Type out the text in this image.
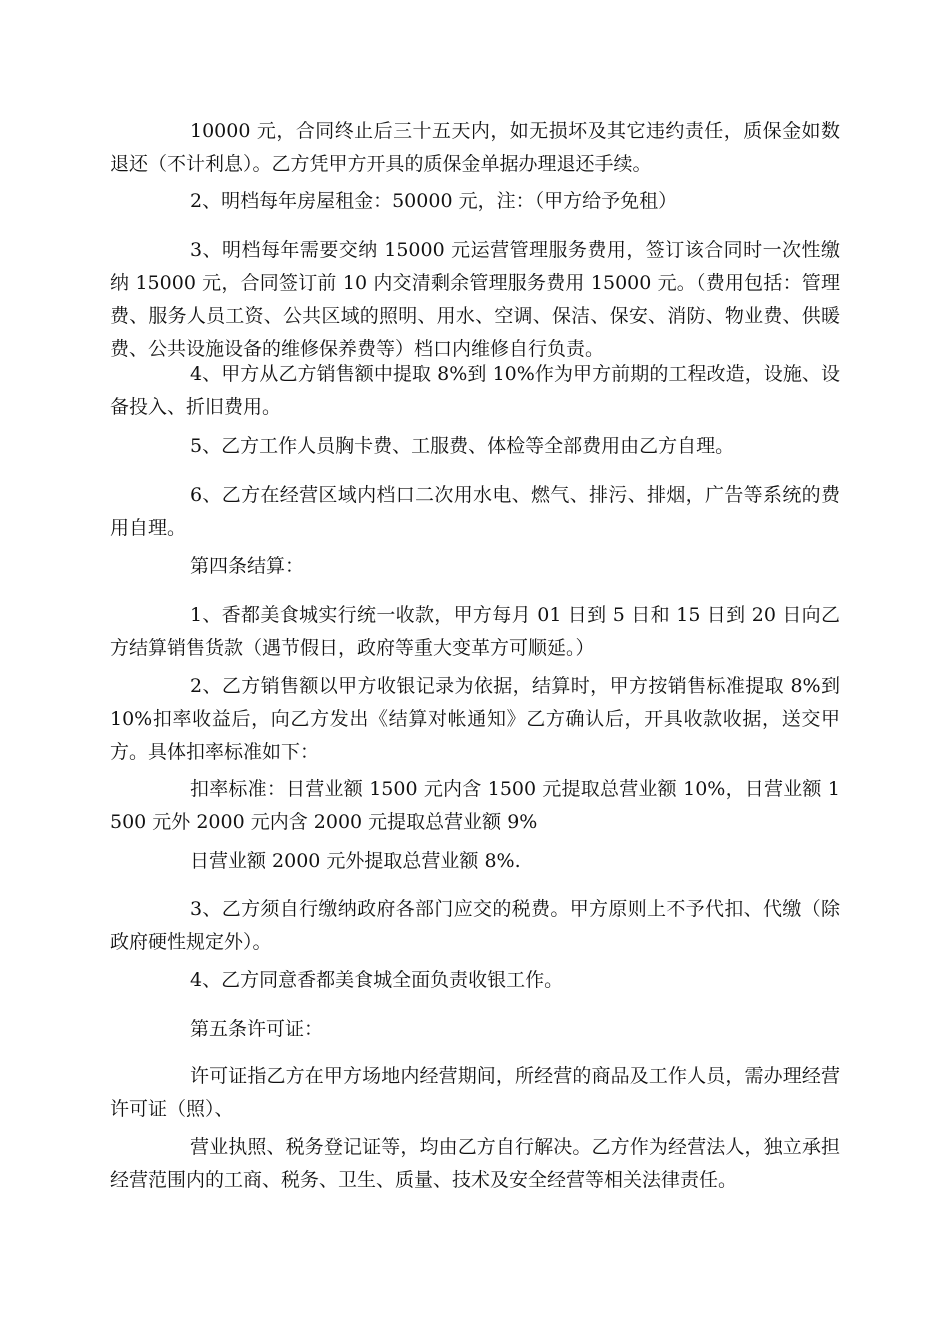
10000 元，合同终止后三十五天内，如无损坏及其它违约责任，质保金如数退还（不计利息）。乙方凭甲方开具的质保金单据办理退还手续。

2、明档每年房屋租金：50000 元，注：（甲方给予免租）

3、明档每年需要交纳 15000 元运营管理服务费用，签订该合同时一次性缴纳 15000 元，合同签订前 10 内交清剩余管理服务费用 15000 元。（费用包括：管理费、服务人员工资、公共区域的照明、用水、空调、保洁、保安、消防、物业费、供暖费、公共设施设备的维修保养费等）档口内维修自行负责。

4、甲方从乙方销售额中提取 8%到 10%作为甲方前期的工程改造，设施、设备投入、折旧费用。

5、乙方工作人员胸卡费、工服费、体检等全部费用由乙方自理。

6、乙方在经营区域内档口二次用水电、燃气、排污、排烟，广告等系统的费用自理。

第四条结算：

1、香都美食城实行统一收款，甲方每月 01 日到 5 日和 15 日到 20 日向乙方结算销售货款（遇节假日，政府等重大变革方可顺延。）

2、乙方销售额以甲方收银记录为依据，结算时，甲方按销售标准提取 8%到 10%扣率收益后，向乙方发出《结算对帐通知》乙方确认后，开具收款收据，送交甲方。具体扣率标准如下：

扣率标准：日营业额 1500 元内含 1500 元提取总营业额 10%，日营业额 1500 元外 2000 元内含 2000 元提取总营业额 9%

日营业额 2000 元外提取总营业额 8%.

3、乙方须自行缴纳政府各部门应交的税费。甲方原则上不予代扣、代缴（除政府硬性规定外）。

4、乙方同意香都美食城全面负责收银工作。

第五条许可证：

许可证指乙方在甲方场地内经营期间，所经营的商品及工作人员，需办理经营许可证（照）、

营业执照、税务登记证等，均由乙方自行解决。乙方作为经营法人，独立承担经营范围内的工商、税务、卫生、质量、技术及安全经营等相关法律责任。
